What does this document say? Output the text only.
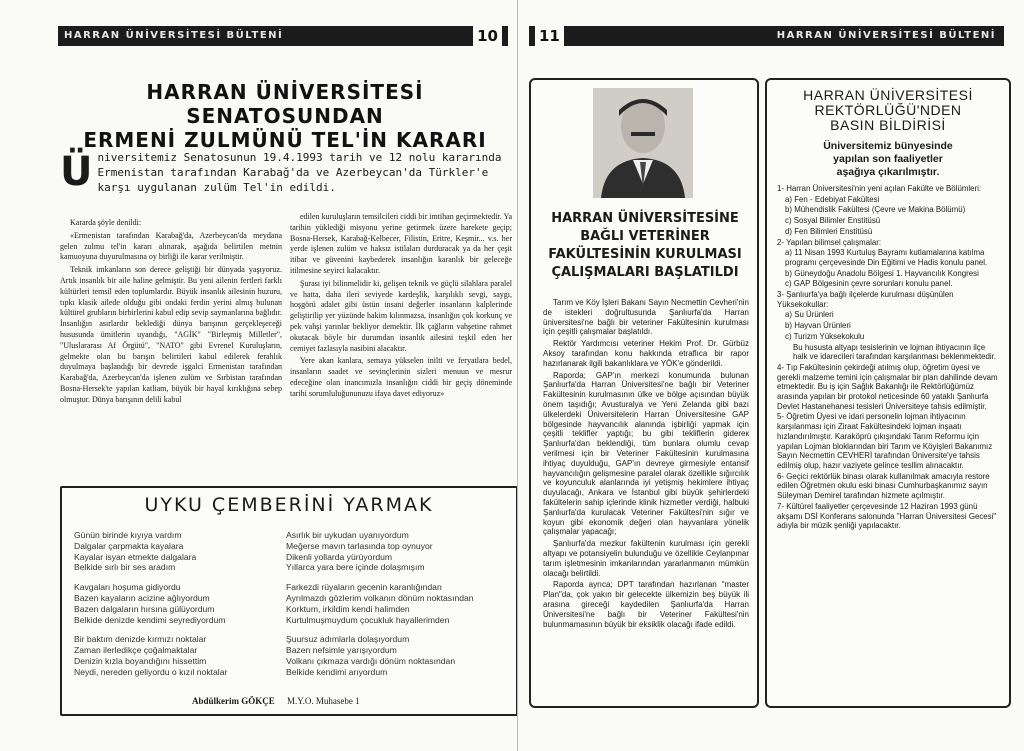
HARRAN ÜNİVERSİTESİ BÜLTENİ	10
HARRAN ÜNİVERSİTESİ SENATOSUNDAN
ERMENİ ZULMÜNÜ TEL'İN KARARI
Ü niversitemiz Senatosunun 19.4.1993 tarih ve 12 nolu kararında Ermenistan tarafından Karabağ'da ve Azerbeycan'da Türkler'e karşı uygulanan zulüm Tel'in edildi.

Kararda şöyle denildi:

«Ermenistan tarafından Karabağ'da, Azerbeycan'da meydana gelen zulmu tel'in kararı alınarak, aşağıda belirtilen metnin kamuoyuna duyurulmasına oy birliği ile karar verilmiştir.

Teknik imkanların son derece geliştiği bir dünyada yaşıyoruz. Artık insanlık bir aile haline gelmiştir. Bu yeni ailenin fertleri farklı kültürleri temsil eden toplumlardır. Büyük insanlık ailesinin huzuru, tıpkı klasik ailede olduğu gibi ondaki ferdin yerini almış bulunan kültürel grubların birbirlerini kabul edip sevip saymanlarına bağlıdır. İnsanlığın asırlardır beklediği dünya barışının gerçekleşeceği hususunda ümitlerin uyandığı, "AGİK" "Birleşmiş Milletler", "Uluslararası Af Örgütü", "NATO" gibi Evrenel Kuruluşların, gelmekte olan bu barışın belirtileri kabul edilerek ferahlık duyulmaya başlandığı bir devrede işgalci Ermenistan tarafından Karabağ'da, Azerbeycan'da işlenen zulüm ve Sırbistan tarafından Bosna-Hersek'te yapılan katliam, büyük bir hayal kırıklığına sebep olmuştur. Dünya barışının delili kabul

edilen kuruluşların temsilcileri ciddi bir imtihan geçirmektedir. Ya tarihin yüklediği misyonu yerine getirmek üzere harekete geçip; Bosna-Hersek, Karabağ-Kelbecer, Filistin, Eritre, Keşmir... v.s. her yerde işlenen zulüm ve haksız istilaları durduracak ya da her çeşit itibar ve güvenini kaybederek insanlığın karanlık bir geleceğe itilmesine seyirci kalacaktır.

Şurası iyi bilinmelidir ki, gelişen teknik ve güçlü silahlara paralel ve hatta, daha ileri seviyede kardeşlik, karşılıklı sevgi, saygı, hoşgörü adalet gibi üstün insani değerler insanların kalplerinde geliştirilip yer yüzünde hakim kılınmazsa, insanlığın çok korkunç ve pek vahşi yarınlar bekliyor demektir. İlk çağların vahşetine rahmet okutacak böyle bir durumdan insanlık ailesini teşkil eden her cemiyet fazlasıyla nasibini alacaktır.

Yere akan kanlara, semaya yükselen inilti ve feryatlara bedel, insanların saadet ve sevinçlerinin sizleri menuun ve mesrur edeceğine olan inancımızla insanlığın ciddi bir geçiş döneminde tarihi sorumluluğununuzu ifaya davet ediyoruz»

UYKU ÇEMBERİNİ YARMAK
Günün birinde kıyıya vardım
Dalgalar çarpmakta kayalara
Kayalar isyan etmekte dalgalara
Belkide sırlı bir ses aradım
Kavgaları hoşuma gidiyordu
Bazen kayaların acizine ağlıyordum
Bazen dalgaların hırsına gülüyordum
Belkide denizde kendimi seyrediyordum
Bir baktım denizde kırmızı noktalar
Zaman ilerledikçe çoğalmaktalar
Denizin kızla boyandığını hissettim
Neydi, nereden geliyordu o kızıl noktalar
Asırlık bir uykudan uyanıyordum
Meğerse mavın tarlasında top oynuyor
Dikenli yollarda yürüyordum
Yıllarca yara bere içinde dolaşmışım
Farkezdi rüyaların gecenin karanlığından
Ayrılmazdı gözlerim volkanın dönüm noktasından
Korktum, irkildim kendi halimden
Kurtulmuşmuydum çocukluk hayallerimden
Şuursuz adımlarla dolaşıyordum
Bazen nefsimle yarışıyordum
Volkanı çıkmaza vardığı dönüm noktasından
Belkide kendimi arıyordum
Abdülkerim GÖKÇE M.Y.O. Muhasebe 1
11	HARRAN ÜNİVERSİTESİ BÜLTENİ
HARRAN ÜNİVERSİTESİNE BAĞLI VETERİNER FAKÜLTESİNİN KURULMASI ÇALIŞMALARI BAŞLATILDI

Tarım ve Köy İşleri Bakanı Sayın Necmettin Cevheri'nin de istekleri doğrultusunda Şanlıurfa'da Harran üniversitesi'ne bağlı bir veteriner Fakültesinin kurulması için çeşitli çalışmalar başlatıldı.

Rektör Yardımcısı veteriner Hekim Prof. Dr. Gürbüz Aksoy tarafından konu hakkında etraflıca bir rapor hazırlanarak ilgili bakanlıklara ve YÖK'e gönderildi.

Raporda; GAP'ın merkezi konumunda bulunan Şanlıurfa'da Harran Üniversitesi'ne bağlı bir Veteriner Fakültesinin kurulmasının ülke ve bölge açısından büyük önem taşıdığı; Avusturalya ve Yeni Zelanda gibi bazı ülkelerdeki Üniversitelerin Harran Üniversitesine GAP bölgesinde hayvancılık alanında işbirliği yapmak için çeşitli teklifler yaptığı; bu gibi tekliflerin gidereк Şanlıurfa'dan beklendiği, tüm bunlara olumlu cevap verilmesi için bir Veteriner Fakültesinin kurulmasına ihtiyaç duyulduğu, GAP'ın devreye girmesiyle entansif hayvancılığın gelişmesine paralel olarak özellikle sığırcılık ve koyunculuk alanlarında iyi yetişmiş hekimlere ihtiyaç duyulacağı, Ankara ve İstanbul gibi büyük şehirlerdeki fakültelerin sahip içlerinde klinik hizmetler verdiği, halbuki Şanlıurfa'da kurulacak Veteriner Fakültesi'nin sığır ve koyun gibi ekonomik değeri olan hayvanlara yönelik çalışmalar yapacağı;

Şanlıurfa'da mezkur fakültenin kurulması için gerekli altyapı ve potansiyelin bulunduğu ve özellikle Ceylanpınar tarım işletmesinin imkanlarından yararlanmanın mümkün olacağı belirtildi.

Raporda ayrıca; DPT tarafından hazırlanan "master Plan"da, çok yakın bir gelecekte ülkemizin beş büyük ili arasına gireceği kaydedilen Şanlıurfa'da Harran Üniversitesi'ne bağlı bir Veteriner Fakültesi'nin bulunmamasının büyük bir eksiklik olacağı ifade edildi.

HARRAN ÜNİVERSİTESİ
REKTÖRLÜĞÜ'NDEN
BASIN BİLDİRİSİ
Üniversitemiz bünyesinde
yapılan son faaliyetler
aşağıya çıkarılmıştır.
1- Harran Üniversitesi'nin yeni açılan Fakülte ve Bölümleri:
a) Fen - Edebiyat Fakültesi
b) Mühendislik Fakültesi (Çevre ve Makina Bölümü)
c) Sosyal Bilimler Enstitüsü
d) Fen Bilimleri Enstitüsü
2- Yapılan bilimsel çalışmalar:
a) 11 Nisan 1993 Kurtuluş Bayramı kutlamalarına katılma programı çerçevesinde Din Eğitimi ve Hadis konulu panel.
b) Güneydoğu Anadolu Bölgesi 1. Hayvancılık Kongresi
c) GAP Bölgesinin çevre sorunları konulu panel.
3- Şanlıurfa'ya bağlı ilçelerde kurulması düşünülen Yüksekokullar:
a) Su Ürünleri
b) Hayvan Ürünleri
c) Turizm Yüksekokulu
Bu hususta altyapı tesislerinin ve lojman ihtiyacının ilçe halk ve idarecileri tarafından karşılanması beklenmektedir.
4- Tıp Fakültesinin çekirdeği atılmış olup, öğretim üyesi ve gerekli malzeme temini için çalışmalar bir plan dahilinde devam etmektedir. Bu iş için Sağlık Bakanlığı ile Rektörlüğümüz arasında yapılan bir protokol neticesinde 60 yataklı Şanlıurfa Devlet Hastanehanesi tesisleri Üniversiteye tahsis edilmiştir.
5- Öğretim Üyesi ve idari personelin lojman ihtiyacının karşılanması için Ziraat Fakültesindeki lojman inşaatı hızlandırılmıştır. Karaköprü çıkışındaki Tarım Reformu için yapılan Lojman bloklarından biri Tarım ve Köyişleri Bakanımız Sayın Necmettin CEVHERİ tarafından Üniversite'ye tahsis edilmiş olup, hazır vaziyete gelince tesllim alınacaktır.
6- Geçici rektörlük binası olarak kullanılmak amacıyla restore edilen Öğretmen okulu eski binası Cumhurbaşkanımız sayın Süleyman Demirel tarafından hizmete açılmıştır.
7- Kültürel faaliyetler çerçevesinde 12 Haziran 1993 günü akşamı DSİ Konferans salonunda "Harran Üniversitesi Gecesi" adıyla bir müzik şenliği yapılacaktır.
